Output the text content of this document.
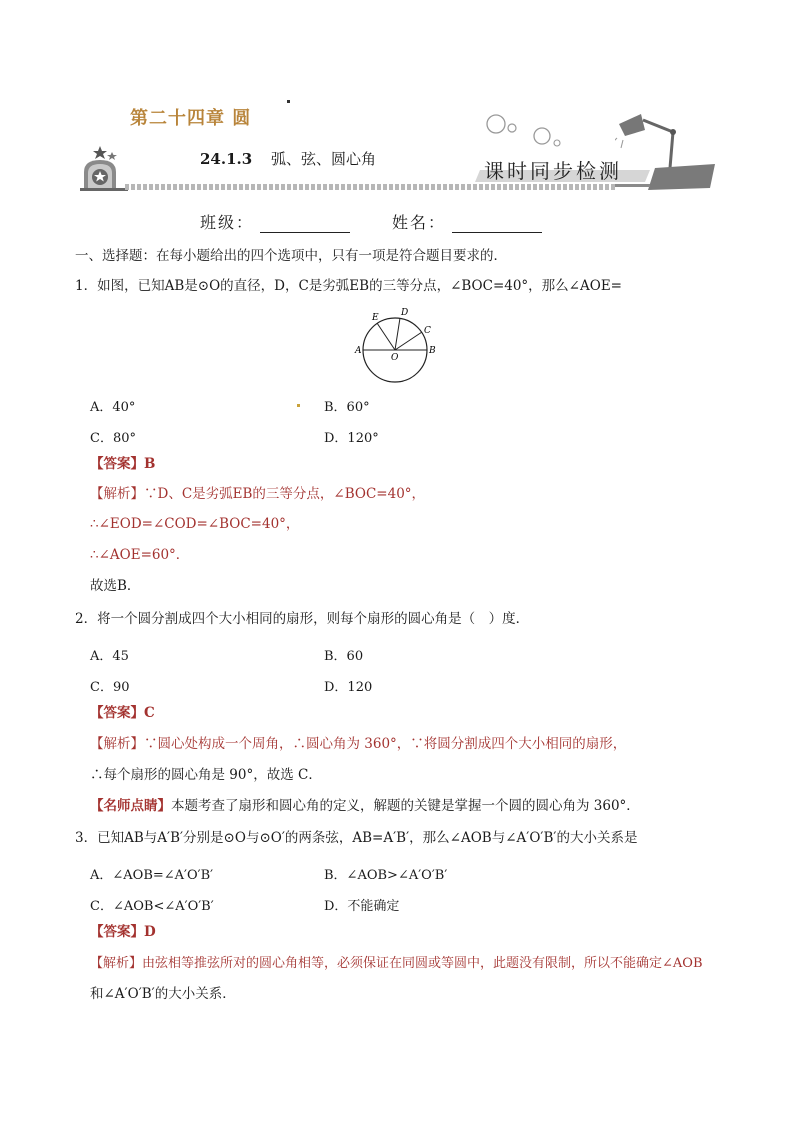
第二十四章 圆
24.1.3 弧、弦、圆心角	课时同步检测
班级：	姓名：
一、选择题：在每小题给出的四个选项中，只有一项是符合题目要求的．
1．如图，已知AB是⊙O的直径，D，C是劣弧EB的三等分点，∠BOC=40°，那么∠AOE=
E D
C
A
O
B
A．40°	B．60°
C．80°	D．120°
【答案】B
【解析】∵D、C是劣弧EB的三等分点，∠BOC=40°，
∴∠EOD=∠COD=∠BOC=40°，
∴∠AOE=60°．
故选B．
2．将一个圆分割成四个大小相同的扇形，则每个扇形的圆心角是（　）度．
A．45	B．60
C．90	D．120
【答案】C
【解析】∵圆心处构成一个周角，∴圆心角为 360°，∵将圆分割成四个大小相同的扇形，
∴每个扇形的圆心角是 90°，故选 C．
【名师点睛】本题考查了扇形和圆心角的定义，解题的关键是掌握一个圆的圆心角为 360°．
3．已知AB与A′B′分别是⊙O与⊙O′的两条弦，AB=A′B′，那么∠AOB与∠A′O′B′的大小关系是
A．∠AOB=∠A′O′B′	B．∠AOB>∠A′O′B′
C．∠AOB<∠A′O′B′	D．不能确定
【答案】D
【解析】由弦相等推弦所对的圆心角相等，必须保证在同圆或等圆中，此题没有限制，所以不能确定∠AOB
和∠A′O′B′的大小关系．
